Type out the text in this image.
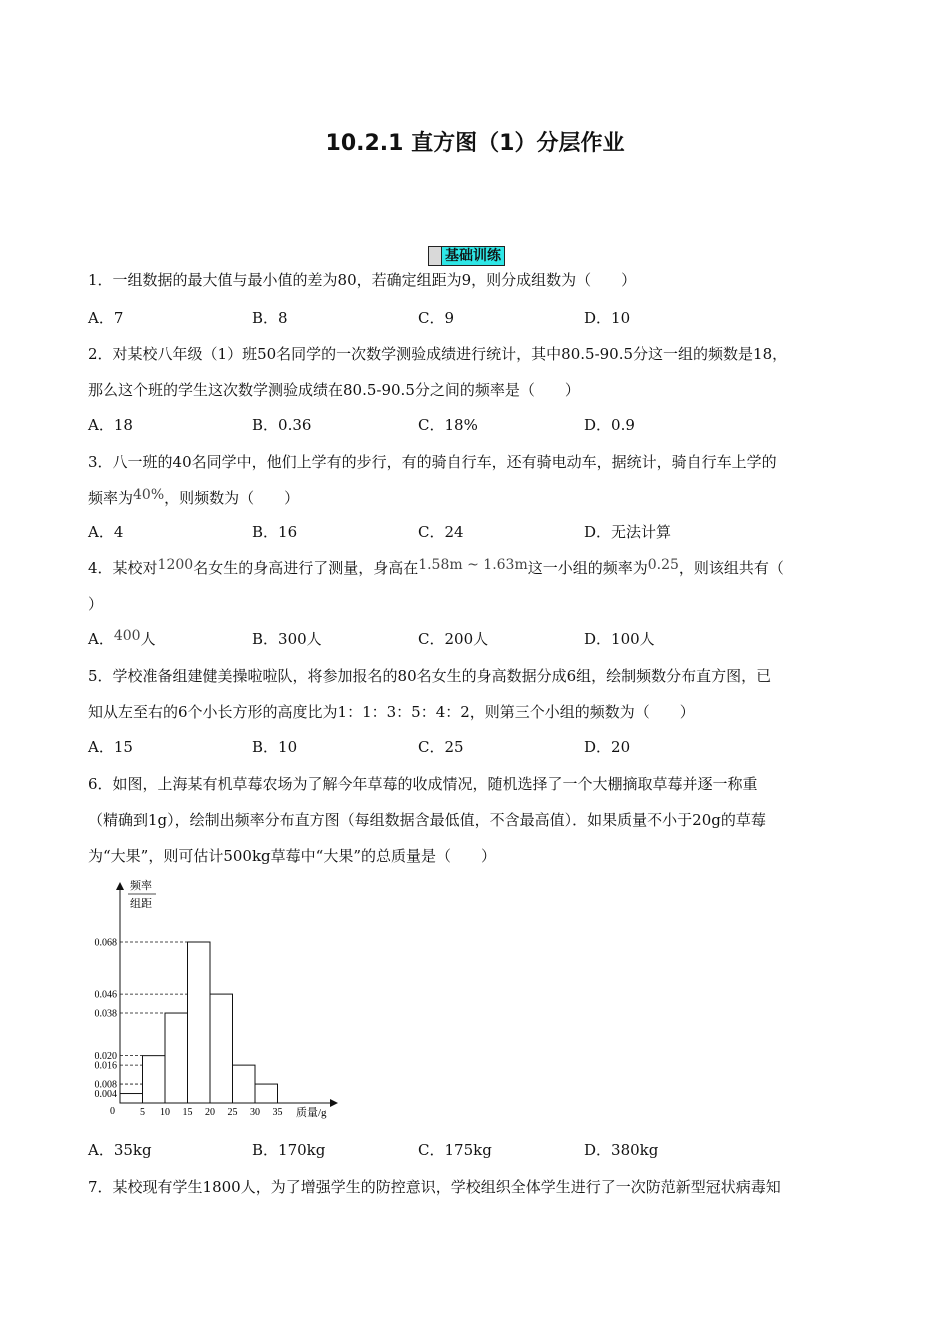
10.2.1 直方图（1）分层作业
基础训练
1．一组数据的最大值与最小值的差为80，若确定组距为9，则分成组数为（　　）
A．7	B．8	C．9	D．10
2．对某校八年级（1）班50名同学的一次数学测验成绩进行统计，其中80.5-90.5分这一组的频数是18，
那么这个班的学生这次数学测验成绩在80.5-90.5分之间的频率是（　　）
A．18	B．0.36	C．18%	D．0.9
3．八一班的40名同学中，他们上学有的步行，有的骑自行车，还有骑电动车，据统计，骑自行车上学的
频率为40%，则频数为（　　）
A．4	B．16	C．24	D．无法计算
4．某校对1200名女生的身高进行了测量，身高在1.58m ~ 1.63m这一小组的频率为0.25，则该组共有（
）
A．400人	B．300人	C．200人	D．100人
5．学校准备组建健美操啦啦队，将参加报名的80名女生的身高数据分成6组，绘制频数分布直方图，已
知从左至右的6个小长方形的高度比为1：1：3：5：4：2，则第三个小组的频数为（　　）
A．15	B．10	C．25	D．20
6．如图，上海某有机草莓农场为了解今年草莓的收成情况，随机选择了一个大棚摘取草莓并逐一称重
（精确到1g），绘制出频率分布直方图（每组数据含最低值，不含最高值）．如果质量不小于20g的草莓
为“大果”，则可估计500kg草莓中“大果”的总质量是（　　）
频率
组距
质量/g
0
0.068
0.046
0.038
0.020
0.016
0.008
0.004
5 10 15 20 25 30 35
A．35kg	B．170kg	C．175kg	D．380kg
7．某校现有学生1800人，为了增强学生的防控意识，学校组织全体学生进行了一次防范新型冠状病毒知
